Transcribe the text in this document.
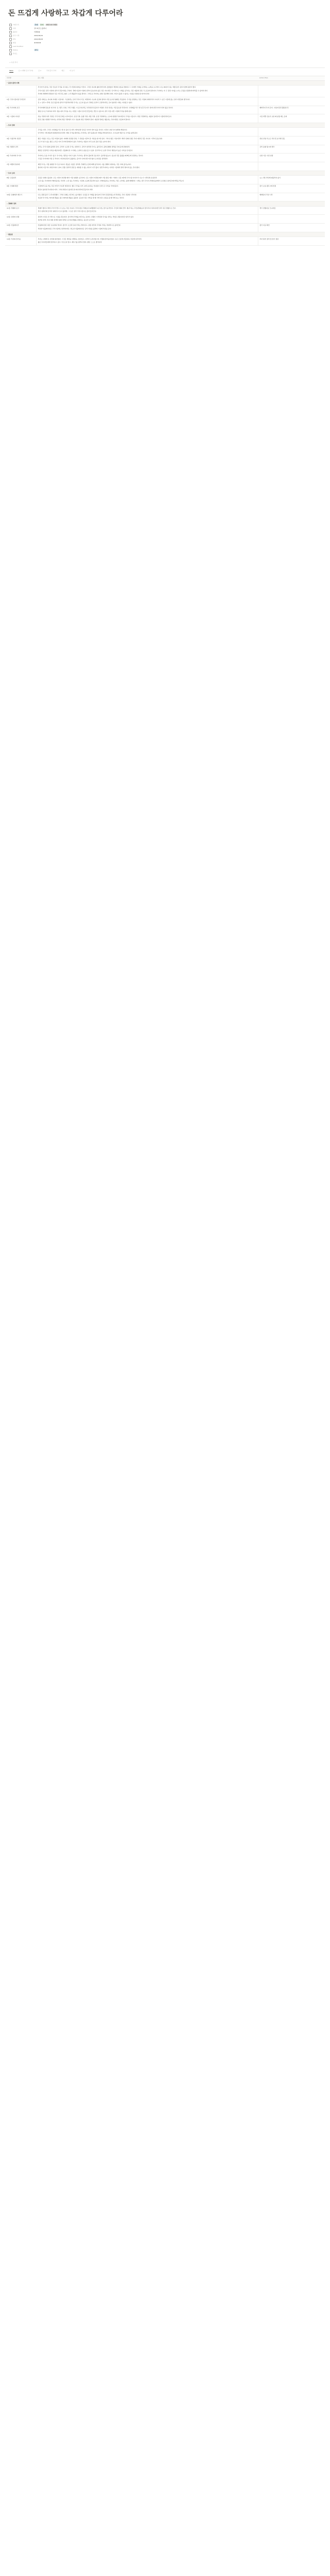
돈 뜨겁게 사랑하고 차갑게 다루어라
카테고리	경제 투자 재테크/자기계발
저자	앙드레 코스톨라니
출판사	미래의창
읽기 시작	2021/04/12
완독	2021/05/03
별점	★★★★★
Last Modified
Status	완독
추천도
+ 속성 추가
Table	표 1 (해외 증시 투자)	표 2	국내 증시 투자	메모	더 보기
목차명	중요 내용	Action Plan
증권시장의 이해		

	투기자가 된다는 것은 단순히 주식을 사고파는 것 이상의 의미를 가진다. 그것은 하나의 삶의 방식이며, 끊임없이 세상의 흐름을 관찰하고 그 속에서 기회를 포착하는 능력을 요구한다. 나는 80년이 넘는 세월 동안 증권시장에 몸담아 왔다.
주식시장은 결국 사람의 심리가 만들어내는 무대다. 경제 지표와 기업의 실적이 중요하지 않은 것은 아니지만, 단기적으로 시세를 움직이는 것은 대중의 감정, 즉 공포와 탐욕이다. 투자자는 이 두 감정 사이를 오가는 군중을 냉정하게 바라볼 수 있어야 한다.
투자의 세계에서 확실한 것은 아무것도 없다. 오직 확률만이 있을 뿐이다. 그러므로 투자자는 항상 겸손해야 하며, 자신이 틀릴 수 있다는 사실을 인정할 줄 알아야 한다.	

1장. 주식시장이란 무엇인가	증권 거래소는 하나의 거대한 시장이다. 그곳에서는 돈과 주식이 서로 교환되며, 수요와 공급의 법칙이 가장 순수한 형태로 작동한다. 주가를 결정하는 것은 기업의 내재가치가 아니라 그 순간 시장에 있는 돈과 사람들의 생각이다.
돈 + 심리 = 추세. 돈은 많은데 심리가 부정적이라면 주가는 오르지 않는다. 반대로 심리가 긍정적이라도 돈이 없다면 시세는 지속될 수 없다.	

2장. 투기자의 조건	투기자에게 필요한 네 가지: 돈, 생각, 인내, 그리고 행운. 이 중 하나라도 부족하면 성공하기 어렵다. 특히 인내는 가장 중요한 덕목이다. 수면제를 먹고 몇 년간 푹 자고 일어나면 부자가 되어 있을 것이다.
빌린 돈으로 투자하지 마라. 빚을 내어 주식을 사는 사람은 시장이 잠시만 흔들려도 견딜 수 없으며, 결국 가장 나쁜 시점에 주식을 팔게 된다.	레버리지 투자 금지 - 여유자금만 활용할 것
3장. 시장의 사이클	상승 국면과 하락 국면은 각각 세 단계로 이루어진다. 조정 국면, 동행 국면, 과장 국면. 조정 국면에서는 소수의 현명한 투자자만이 주식을 사들이고, 과장 국면에서는 대중이 앞다투어 시장에 뛰어든다.
달걀 모형: 현명한 투자자는 하락의 과장 국면에서 사고, 상승의 과장 국면에서 판다. 대중과 반대로 행동하는 것이야말로 성공의 비결이다.	시장 과열 신호가 보일 때 분할 매도 준비
투자 전략		

	주식을 사라, 그리고 수면제를 먹고 몇 년 동안 푹 자라. 깨어나면 당신은 부자가 되어 있을 것이다. 이것이 나의 투자 철학의 핵심이다.
단기적인 시세 변동에 일희일비하지 말라. 매일 주가를 확인하는 투자자는 결국 불필요한 거래를 반복하게 되고, 수수료와 세금으로 수익을 잃게 된다.	

4장. 우량주와 성장주	좋은 기업을 고르는 것은 어렵지 않다. 미래에 성장할 산업, 그 산업을 이끌어 갈 기업을 찾으면 된다. 그러나 좋은 기업이라고 해서 언제나 좋은 투자 대상인 것은 아니다. 가격이 중요하다.
모두가 알고 있는 좋은 소식은 이미 주가에 반영되어 있다. 투자자는 대중이 아직 보지 못한 것을 보아야 한다.	관심 산업 리스트 작성 및 분기별 검토
5장. 채권과 금리	금리는 주식시장의 중력과 같다. 금리가 오르면 주가는 내려가고, 금리가 내리면 주가는 올라간다. 중앙은행의 정책을 주의 깊게 관찰하라.
채권은 안정적인 수익을 제공하지만, 인플레이션 시기에는 오히려 손실을 볼 수 있다. 장기적으로 보면 주식이 채권보다 높은 수익을 안겨준다.	금리 동향 월 1회 체크
6장. 투자자와 투기자	투자자는 돈을 가지고 있고, 투기자는 생각을 가지고 있다. 투기자는 생각이 옳다면 돈을 벌고, 틀리면 잃는다. 중요한 것은 틀렸을 때 빠르게 인정하는 것이다.
고집은 투자자의 가장 큰 적이다. 자신의 판단이 틀렸다는 증거가 나타나면 미련 없이 포지션을 정리하라.	손절 기준 사전 설정
7장. 외환과 원자재	외환 투기는 가장 위험한 투기 중 하나다. 환율은 수많은 정치적, 경제적 요인에 의해 움직이며, 이를 정확히 예측하는 것은 거의 불가능하다.
원자재 시장 역시 마찬가지다. 날씨, 전쟁, 정치적 결정 등 예측할 수 없는 변수가 너무 많다. 일반 투자자는 이러한 시장에서 멀리 떨어져 있는 것이 좋다.	

투자 심리		
8장. 군중심리	군중은 언제나 틀린다. 모든 사람이 낙관할 때가 가장 위험한 순간이며, 모든 사람이 비관할 때가 가장 좋은 매수 기회다. 신문 1면에 주식시장 이야기가 나오기 시작하면 조심하라.
소신 있는 투자자와 부화뇌동하는 투자자. 소신 있는 투자자는 시장의 소음에 흔들리지 않고, 부화뇌동하는 투자자는 작은 소식에도 쉽게 매매한다. 시세는 결국 주식이 부화뇌동파에서 소신파로 넘어갈 때 바닥을 찍는다.	뉴스 헤드라인에 휘둘리지 않기
9장. 인내와 확신	시장에서 돈을 버는 것은 머리가 아니라 엉덩이다. 좋은 주식을 사서 오래 보유하는 인내심이 결국 큰 수익을 가져다준다.
확신이 없다면 투자하지 마라. 그러나 확신이 있다면 잠시의 하락에 흔들리지 마라.	장기 보유 종목 3개 선정
10장. 실패에서 배우기	나는 평생 동안 두 번 파산했다. 그러나 실패는 최고의 스승이었다. 손실을 본 거래를 돌아보며 무엇이 잘못되었는지 반성하는 것이 성장의 시작이다.
성공한 투기자는 51%의 확률로 옳고 49%의 확률로 틀린다. 중요한 것은 이익을 낼 때 크게 내고 손실을 볼 때 작게 보는 것이다.	매매일지 작성 시작
경제와 정치		
11장. 경제와 증시	경제가 좋다고 해서 주가가 반드시 오르는 것은 아니다. 주식시장은 경제보다 6개월에서 1년 정도 앞서 움직인다. 주인과 개의 산책: 개(주가)는 주인(경제)보다 앞서거나 뒤처지지만 결국 같은 방향으로 간다.
경기 침체기에 금리가 내려가고 돈이 풀리면, 그 돈은 결국 주식시장으로 흘러 들어간다.	경기 선행지표 모니터링
12장. 정치와 전쟁	정치적 사건은 단기적으로 시장을 흔들지만, 장기적인 추세를 바꾸지는 못한다. 전쟁이 시작되면 주식을 사라는 격언은 과장이지만 일리가 있다.
정부의 정책, 특히 재정 정책과 통화 정책은 증시의 방향을 결정하는 중요한 요인이다.	

13장. 인플레이션	인플레이션은 현금 보유자의 적이다. 물가가 오르면 돈의 가치는 떨어지고, 실물 자산과 주식의 가치는 상대적으로 올라간다.
적당한 인플레이션은 주식시장에 긍정적이지만, 과도한 인플레이션은 금리 인상을 불러와 시장에 부담을 준다.	물가 지표 확인
맺음말		
14장. 투자의 즐거움	투자는 나에게 돈 이상의 의미였다. 그것은 세상을 이해하는 창이었고, 지적인 도전이었으며, 인생의 즐거움이었다. 돈은 뜨겁게 사랑하되, 차갑게 다루어라.
젊은 투자자들에게 당부하고 싶다. 서두르지 말고, 배우기를 멈추지 말며, 항상 스스로 생각하라.	투자 원칙 정리 및 정기 점검
